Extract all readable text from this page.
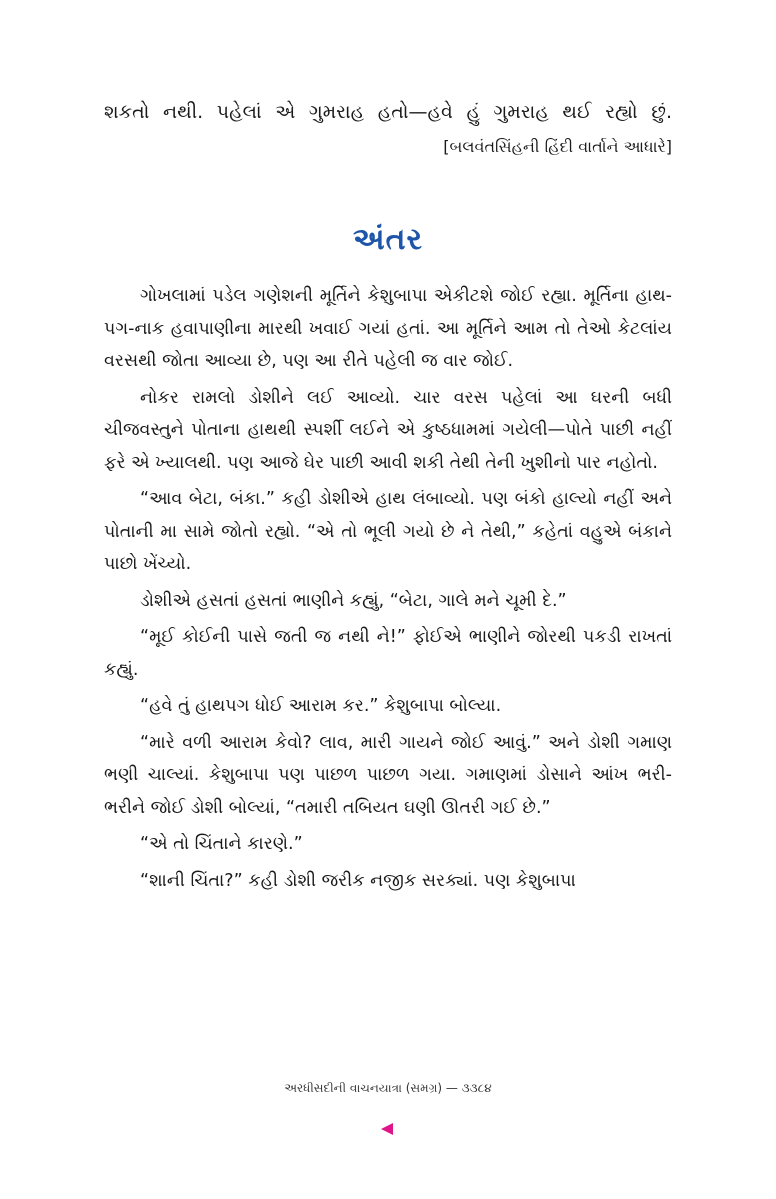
શકતો નથી. પહેલાં એ ગુમરાહ હતો—હવે હું ગુમરાહ થઈ રહ્યો છું.
[બલવંતસિંહની હિંદી વાર્તાને આધારે]
અંતર

ગોખલામાં પડેલ ગણેશની મૂર્તિને કેશુબાપા એકીટશે જોઈ રહ્યા. મૂર્તિના હાથ-પગ-નાક હવાપાણીના મારથી ખવાઈ ગયાં હતાં. આ મૂર્તિને આમ તો તેઓ કેટલાંય વરસથી જોતા આવ્યા છે, પણ આ રીતે પહેલી જ વાર જોઈ.

નોકર રામલો ડોશીને લઈ આવ્યો. ચાર વરસ પહેલાં આ ઘરની બધી ચીજવસ્તુને પોતાના હાથથી સ્પર્શી લઈને એ કુષ્ઠધામમાં ગયેલી—પોતે પાછી નહીં ફરે એ ખ્યાલથી. પણ આજે ઘેર પાછી આવી શકી તેથી તેની ખુશીનો પાર નહોતો.

“આવ બેટા, બંકા.” કહી ડોશીએ હાથ લંબાવ્યો. પણ બંકો હાલ્યો નહીં અને પોતાની મા સામે જોતો રહ્યો. “એ તો ભૂલી ગયો છે ને તેથી,” કહેતાં વહુએ બંકાને પાછો ખેંચ્યો.

ડોશીએ હસતાં હસતાં ભાણીને કહ્યું, “બેટા, ગાલે મને ચૂમી દે.”

“મૂઈ કોઈની પાસે જતી જ નથી ને!” ફોઈએ ભાણીને જોરથી પકડી રાખતાં કહ્યું.

“હવે તું હાથપગ ધોઈ આરામ કર.” કેશુબાપા બોલ્યા.

“મારે વળી આરામ કેવો? લાવ, મારી ગાયને જોઈ આવું.” અને ડોશી ગમાણ ભણી ચાલ્યાં. કેશુબાપા પણ પાછળ પાછળ ગયા. ગમાણમાં ડોસાને આંખ ભરી-ભરીને જોઈ ડોશી બોલ્યાં, “તમારી તબિયત ઘણી ઊતરી ગઈ છે.”

“એ તો ચિંતાને કારણે.”

“શાની ચિંતા?” કહી ડોશી જરીક નજીક સરક્યાં. પણ કેશુબાપા

અરધીસદીની વાચનયાત્રા (સમગ્ર) — ૩૩૮૪
